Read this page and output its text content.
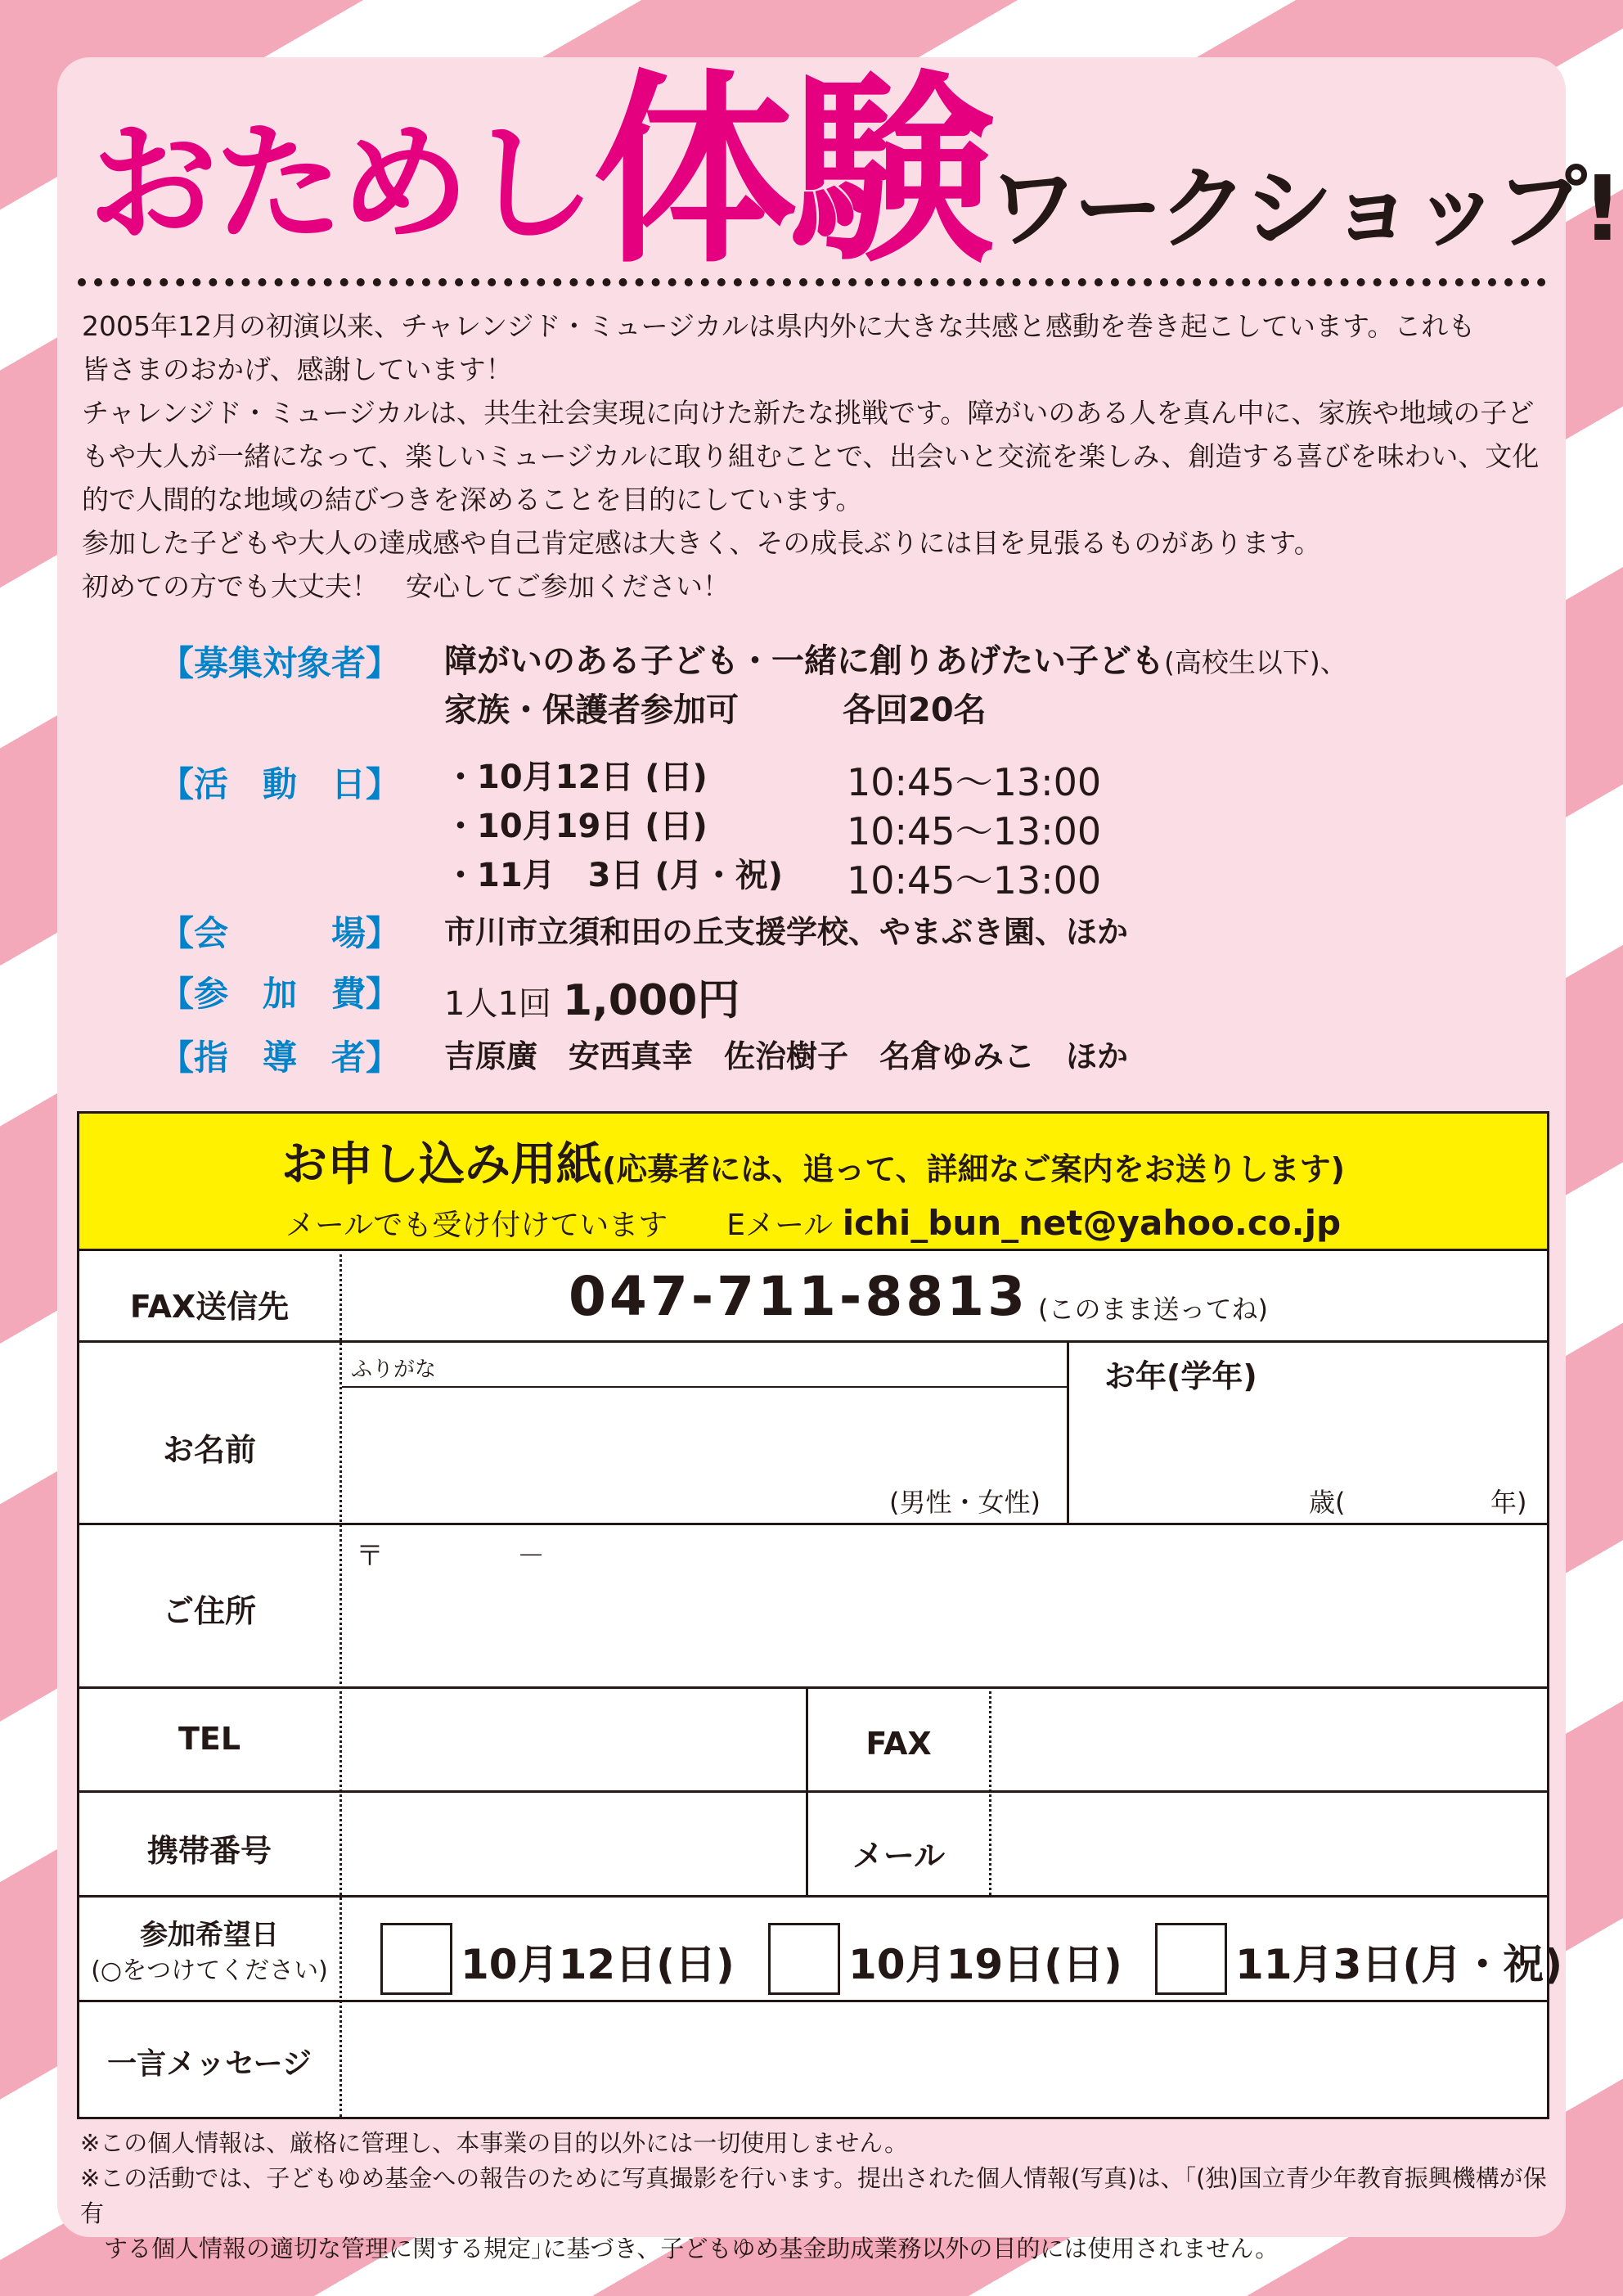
おためし体験ワークショップ!

2005年12月の初演以来、チャレンジド・ミュージカルは県内外に大きな共感と感動を巻き起こしています。これも

皆さまのおかげ、感謝しています！

チャレンジド・ミュージカルは、共生社会実現に向けた新たな挑戦です。障がいのある人を真ん中に、家族や地域の子ど

もや大人が一緒になって、楽しいミュージカルに取り組むことで、出会いと交流を楽しみ、創造する喜びを味わい、文化

的で人間的な地域の結びつきを深めることを目的にしています。

参加した子どもや大人の達成感や自己肯定感は大きく、その成長ぶりには目を見張るものがあります。

初めての方でも大丈夫！　安心してご参加ください！

【募集対象者】 障がいのある子ども・一緒に創りあげたい子ども(高校生以下)、
家族・保護者参加可	各回20名
【活　動　日】 ・10月12日 (日)	10:45～13:00
・10月19日 (日)	10:45～13:00
・11月　3日 (月・祝) 10:45～13:00
【会　　　場】 市川市立須和田の丘支援学校、やまぶき園、ほか
【参　加　費】 1人1回 1,000円
【指　導　者】 吉原廣　安西真幸　佐治樹子　名倉ゆみこ　ほか
お申し込み用紙(応募者には、追って、詳細なご案内をお送りします)
メールでも受け付けています　　Eメール ichi_bun_net@yahoo.co.jp
FAX送信先	047-711-8813 (このまま送ってね)
お名前
ふりがな
(男性・女性)
お年(学年)
歳(	年)
ご住所
〒	－
TEL	FAX
携帯番号	メール
参加希望日
(○をつけてください)	10月12日(日)	10月19日(日)	11月3日(月・祝)
一言メッセージ

※この個人情報は、厳格に管理し、本事業の目的以外には一切使用しません。

※この活動では、子どもゆめ基金への報告のために写真撮影を行います。提出された個人情報(写真)は、｢(独)国立青少年教育振興機構が保有

　する個人情報の適切な管理に関する規定｣に基づき、子どもゆめ基金助成業務以外の目的には使用されません。
